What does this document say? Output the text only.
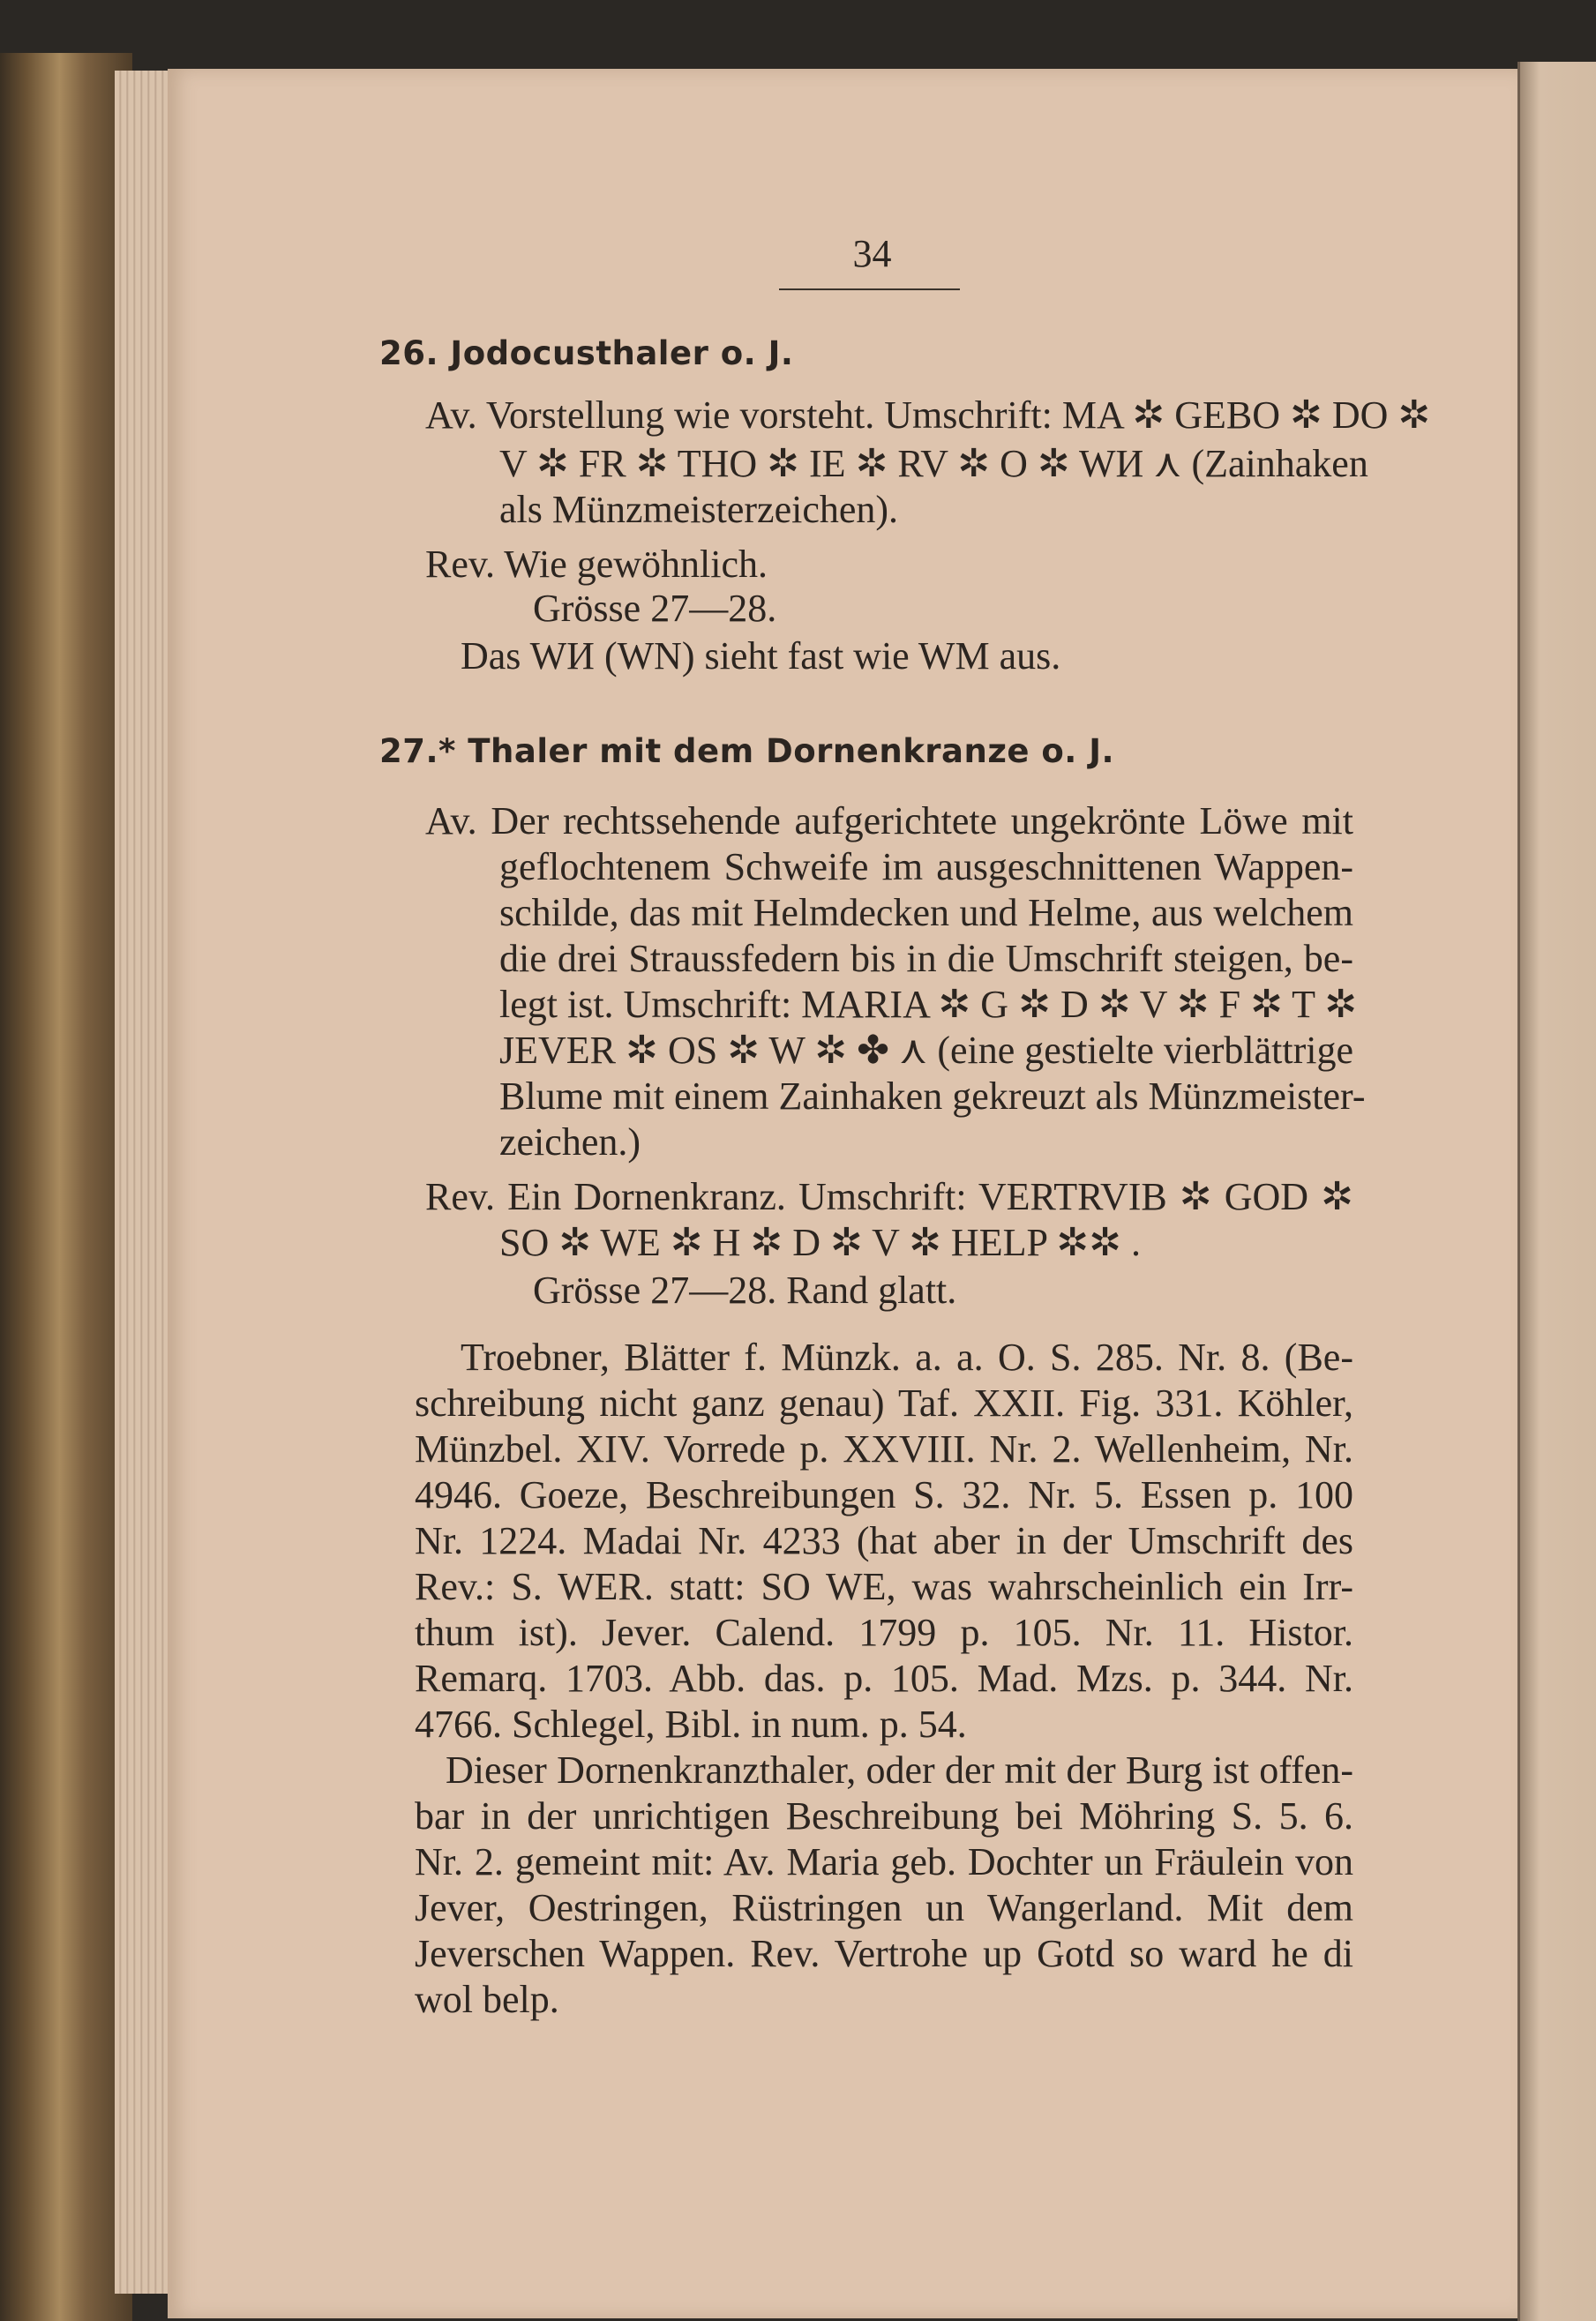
34
26. Jodocusthaler o. J.
Av. Vorstellung wie vorsteht. Umschrift: MA ✲ GEBO ✲ DO ✲
V ✲ FR ✲ THO ✲ IE ✲ RV ✲ O ✲ WИ ⋏ (Zainhaken
als Münzmeisterzeichen).
Rev. Wie gewöhnlich.
Grösse 27—28.
Das WИ (WN) sieht fast wie WM aus.
27.* Thaler mit dem Dornenkranze o. J.
Av. Der rechtssehende aufgerichtete ungekrönte Löwe mit
geflochtenem Schweife im ausgeschnittenen Wappen-
schilde, das mit Helmdecken und Helme, aus welchem
die drei Straussfedern bis in die Umschrift steigen, be-
legt ist. Umschrift: MARIA ✲ G ✲ D ✲ V ✲ F ✲ T ✲
JEVER ✲ OS ✲ W ✲ ✤ ⋏ (eine gestielte vierblättrige
Blume mit einem Zainhaken gekreuzt als Münzmeister-
zeichen.)
Rev. Ein Dornenkranz. Umschrift: VERTRVIB ✲ GOD ✲
SO ✲ WE ✲ H ✲ D ✲ V ✲ HELP ✲✲ .
Grösse 27—28. Rand glatt.
Troebner, Blätter f. Münzk. a. a. O. S. 285. Nr. 8. (Be-
schreibung nicht ganz genau) Taf. XXII. Fig. 331. Köhler,
Münzbel. XIV. Vorrede p. XXVIII. Nr. 2. Wellenheim, Nr.
4946. Goeze, Beschreibungen S. 32. Nr. 5. Essen p. 100
Nr. 1224. Madai Nr. 4233 (hat aber in der Umschrift des
Rev.: S. WER. statt: SO WE, was wahrscheinlich ein Irr-
thum ist). Jever. Calend. 1799 p. 105. Nr. 11. Histor.
Remarq. 1703. Abb. das. p. 105. Mad. Mzs. p. 344. Nr.
4766. Schlegel, Bibl. in num. p. 54.
Dieser Dornenkranzthaler, oder der mit der Burg ist offen-
bar in der unrichtigen Beschreibung bei Möhring S. 5. 6.
Nr. 2. gemeint mit: Av. Maria geb. Dochter un Fräulein von
Jever, Oestringen, Rüstringen un Wangerland. Mit dem
Jeverschen Wappen. Rev. Vertrohe up Gotd so ward he di
wol belp.
